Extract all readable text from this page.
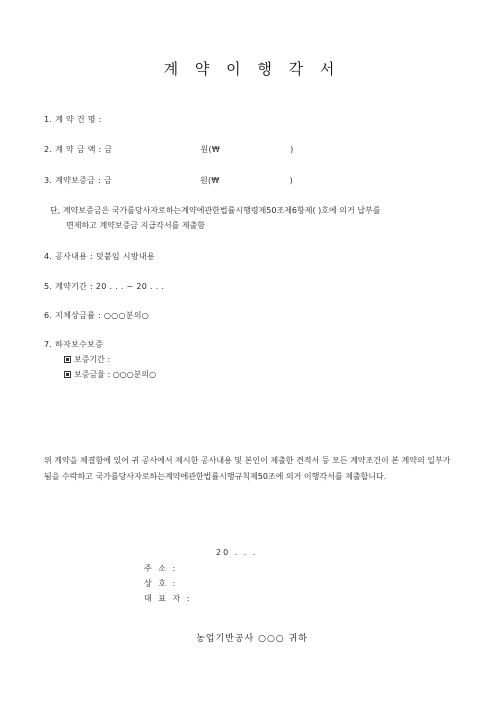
계 약 이 행 각 서
1. 계 약 건 명 :
2. 계 약 금 액 : 금	원(₩	)
3. 계약보증금 : 금	원(₩	)
단, 계약보증금은 국가를당사자로하는계약에관한법률시행령제50조제6항제( )호에 의거 납부를
면제하고 계약보증금 지급각서를 제출함
4. 공사내용 : 덧붙임 시방내용
5. 계약기간 : 20 . . . ~ 20 . . .
6. 지체상금률 : ○○○분의○
7. 하자보수보증
보증기간 :
보증금율 : ○○○분의○
위 계약을 체결함에 있어 귀 공사에서 제시한 공사내용 및 본인이 제출한 견적서 등 모든 계약조건이 본 계약의 일부가 됨을 수락하고 국가를당사자로하는계약에관한법률시행규칙제50조에 의거 이행각서를 제출합니다.
20 . . .
주 소 :
상 호 :
대 표 자 :
농업기반공사 ○○○ 귀하
